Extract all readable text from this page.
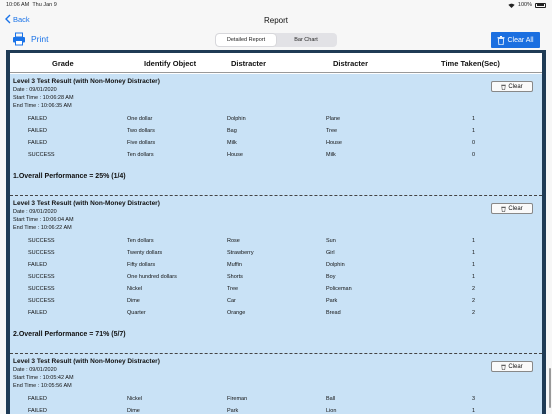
10:06 AM Thu Jan 9	100%
Back	Report
Print	Detailed Report	Bar Chart	Clear All
Grade	Identify Object	Distracter	Distracter	Time Taken(Sec)
Level 3 Test Result (with Non-Money Distracter)
Date : 09/01/2020
Start Time : 10:06:28 AM
End Time : 10:06:35 AM
Clear
FAILED	One dollar	Dolphin	Plane	1
FAILED	Two dollars	Bag	Tree	1
FAILED	Five dollars	Milk	House	0
SUCCESS	Ten dollars	House	Milk	0
1.Overall Performance = 25% (1/4)
Level 3 Test Result (with Non-Money Distracter)
Date : 09/01/2020
Start Time : 10:06:04 AM
End Time : 10:06:22 AM
Clear
SUCCESS	Ten dollars	Rose	Sun	1
SUCCESS	Twenty dollars	Strawberry	Girl	1
FAILED	Fifty dollars	Muffin	Dolphin	1
SUCCESS	One hundred dollars	Shorts	Boy	1
SUCCESS	Nickel	Tree	Policeman	2
SUCCESS	Dime	Car	Park	2
FAILED	Quarter	Orange	Bread	2
2.Overall Performance = 71% (5/7)
Level 3 Test Result (with Non-Money Distracter)
Date : 09/01/2020
Start Time : 10:05:42 AM
End Time : 10:05:56 AM
Clear
FAILED	Nickel	Fireman	Ball	3
FAILED	Dime	Park	Lion	1
